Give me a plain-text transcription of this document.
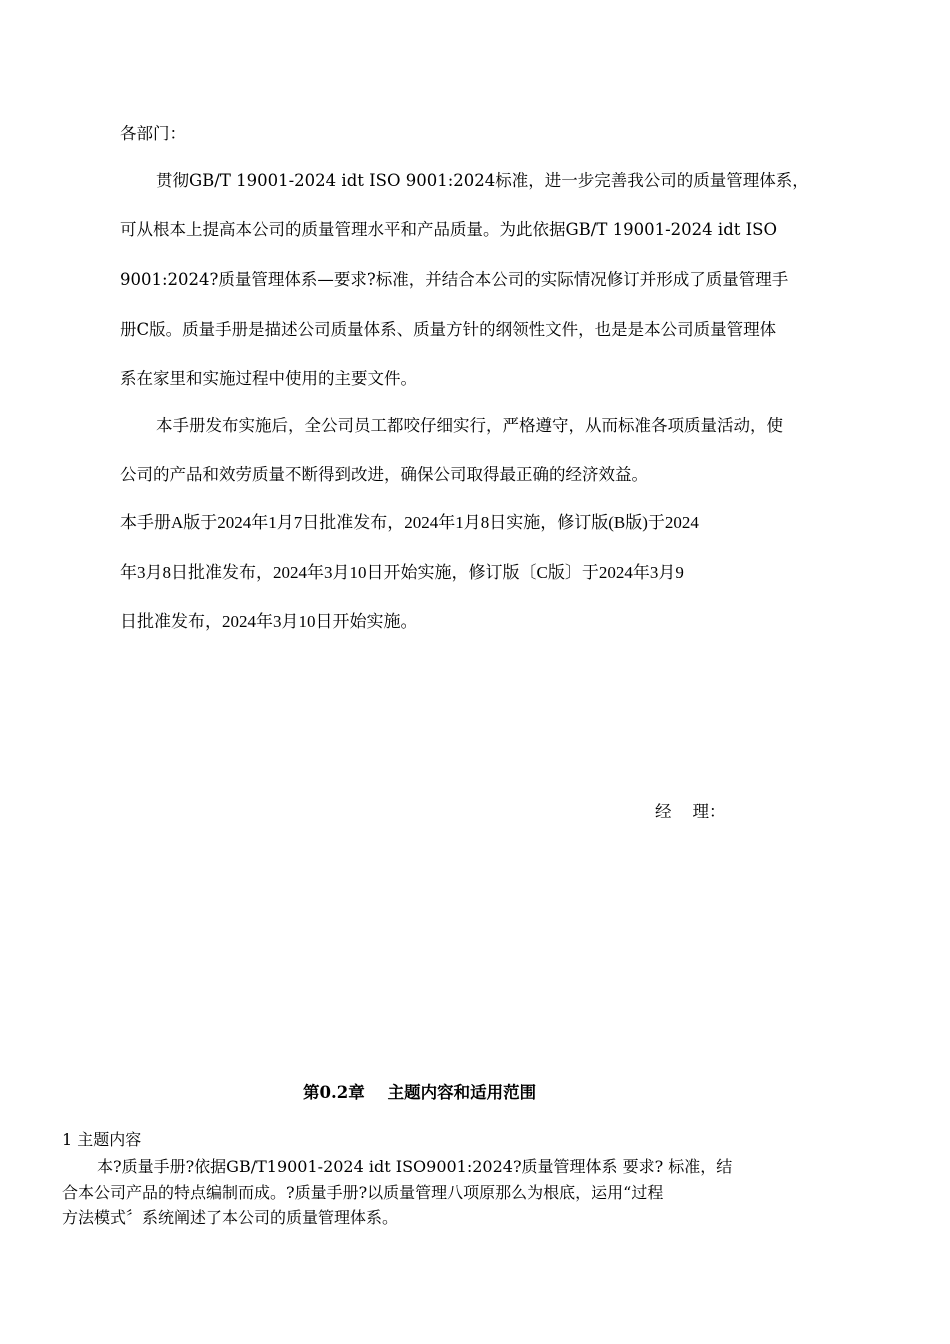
各部门：
贯彻GB/T 19001-2024 idt ISO 9001:2024标准，进一步完善我公司的质量管理体系，
可从根本上提高本公司的质量管理水平和产品质量。为此依据GB/T 19001-2024 idt ISO
9001:2024?质量管理体系—要求?标准，并结合本公司的实际情况修订并形成了质量管理手
册C版。质量手册是描述公司质量体系、质量方针的纲领性文件，也是是本公司质量管理体
系在家里和实施过程中使用的主要文件。
本手册发布实施后，全公司员工都咬仔细实行，严格遵守，从而标准各项质量活动，使
公司的产品和效劳质量不断得到改进，确保公司取得最正确的经济效益。
本手册A版于2024年1月7日批准发布，2024年1月8日实施，修订版(B版)于2024
年3月8日批准发布，2024年3月10日开始实施，修订版〔C版〕于2024年3月9
日批准发布，2024年3月10日开始实施。
经    理：
第0.2章    主题内容和适用范围
1 主题内容
本?质量手册?依据GB/T19001-2024 idt ISO9001:2024?质量管理体系 要求? 标准，结
合本公司产品的特点编制而成。?质量手册?以质量管理八项原那么为根底，运用“过程
方法模式〞系统阐述了本公司的质量管理体系。
